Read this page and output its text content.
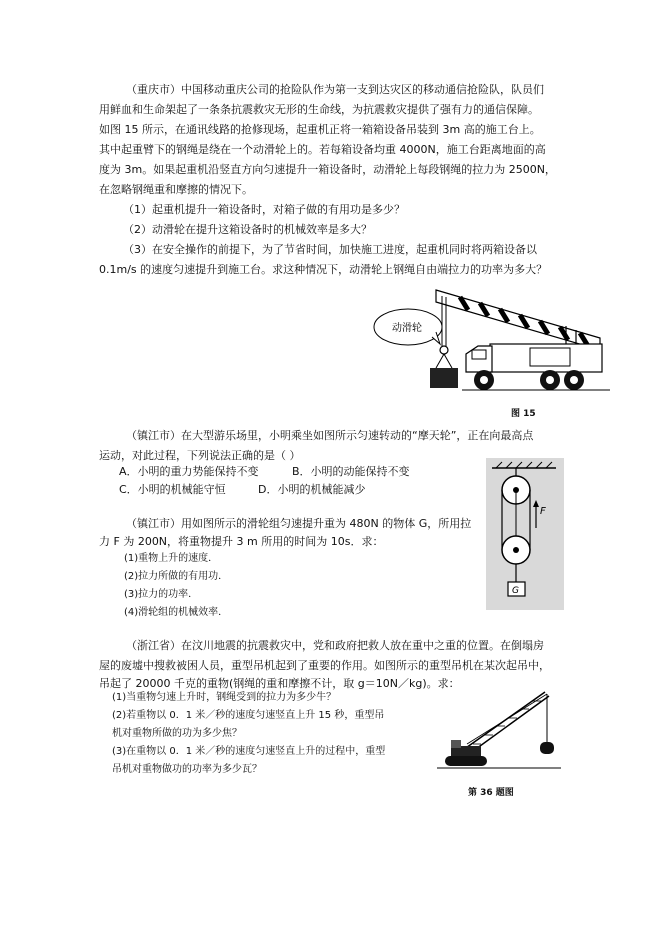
（重庆市）中国移动重庆公司的抢险队作为第一支到达灾区的移动通信抢险队，队员们
用鲜血和生命架起了一条条抗震救灾无形的生命线，为抗震救灾提供了强有力的通信保障。
如图 15 所示，在通讯线路的抢修现场，起重机正将一箱箱设备吊装到 3m 高的施工台上。
其中起重臂下的钢绳是绕在一个动滑轮上的。若每箱设备均重 4000N，施工台距离地面的高
度为 3m。如果起重机沿竖直方向匀速提升一箱设备时，动滑轮上每段钢绳的拉力为 2500N，
在忽略钢绳重和摩擦的情况下。
（1）起重机提升一箱设备时，对箱子做的有用功是多少？
（2）动滑轮在提升这箱设备时的机械效率是多大？
（3）在安全操作的前提下，为了节省时间，加快施工进度，起重机同时将两箱设备以
0.1m/s 的速度匀速提升到施工台。求这种情况下，动滑轮上钢绳自由端拉力的功率为多大？
动滑轮
图 15
（镇江市）在大型游乐场里，小明乘坐如图所示匀速转动的“摩天轮”，正在向最高点
运动，对此过程，下列说法正确的是（ ）
A．小明的重力势能保持不变	B．小明的动能保持不变
C．小明的机械能守恒	D．小明的机械能减少
F
G
（镇江市）用如图所示的滑轮组匀速提升重为 480N 的物体 G，所用拉
力 F 为 200N，将重物提升 3 m 所用的时间为 10s．求：
(1)重物上升的速度．
(2)拉力所做的有用功．
(3)拉力的功率．
(4)滑轮组的机械效率．
（浙江省）在汶川地震的抗震救灾中，党和政府把救人放在重中之重的位置。在倒塌房
屋的废墟中搜救被困人员，重型吊机起到了重要的作用。如图所示的重型吊机在某次起吊中，
吊起了 20000 千克的重物(钢绳的重和摩擦不计，取 g＝10N／kg)。求：
(1)当重物匀速上升时，钢绳受到的拉力为多少牛？
(2)若重物以 0．1 米／秒的速度匀速竖直上升 15 秒，重型吊
机对重物所做的功为多少焦？
(3)在重物以 0．1 米／秒的速度匀速竖直上升的过程中，重型
吊机对重物做功的功率为多少瓦？
第 36 题图
